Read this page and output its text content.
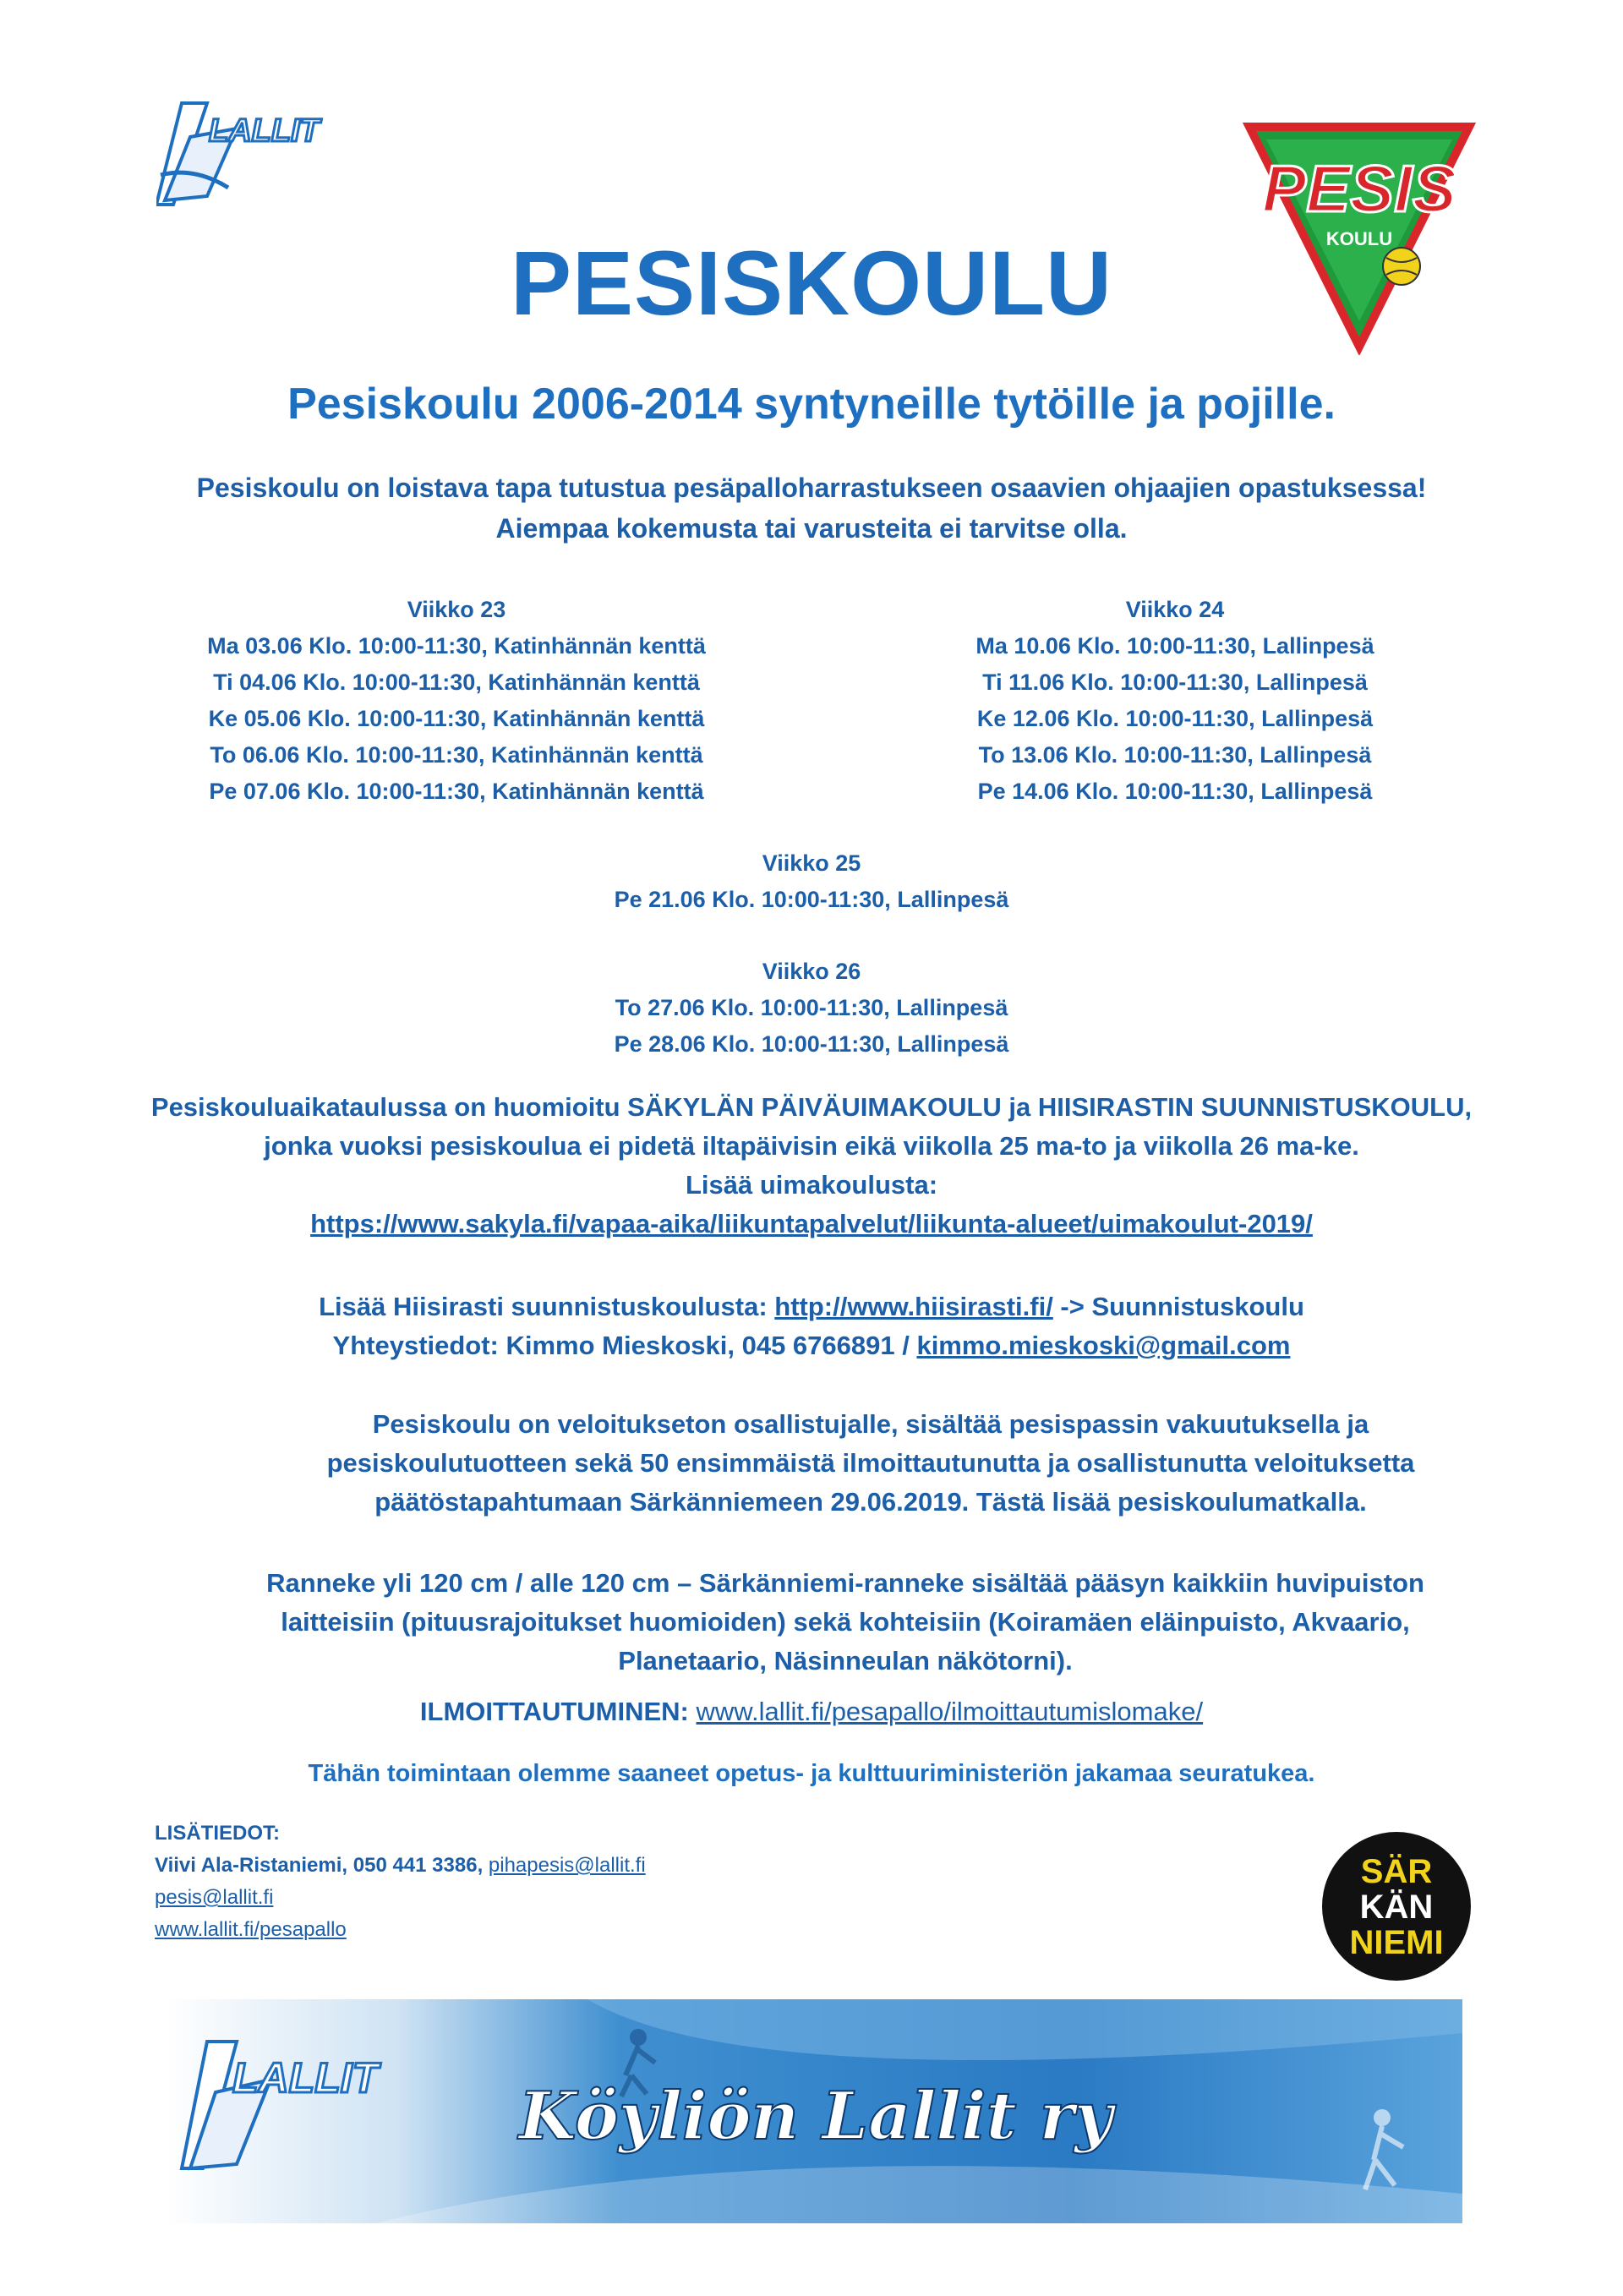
LALLIT
PESIS
KOULU
PESISKOULU
Pesiskoulu 2006-2014 syntyneille tytöille ja pojille.
Pesiskoulu on loistava tapa tutustua pesäpalloharrastukseen osaavien ohjaajien opastuksessa!
Aiempaa kokemusta tai varusteita ei tarvitse olla.
Viikko 23
Ma 03.06 Klo. 10:00-11:30, Katinhännän kenttä
Ti 04.06 Klo. 10:00-11:30, Katinhännän kenttä
Ke 05.06 Klo. 10:00-11:30, Katinhännän kenttä
To 06.06 Klo. 10:00-11:30, Katinhännän kenttä
Pe 07.06 Klo. 10:00-11:30, Katinhännän kenttä
Viikko 24
Ma 10.06 Klo. 10:00-11:30, Lallinpesä
Ti 11.06 Klo. 10:00-11:30, Lallinpesä
Ke 12.06 Klo. 10:00-11:30, Lallinpesä
To 13.06 Klo. 10:00-11:30, Lallinpesä
Pe 14.06 Klo. 10:00-11:30, Lallinpesä
Viikko 25
Pe 21.06 Klo. 10:00-11:30, Lallinpesä
Viikko 26
To 27.06 Klo. 10:00-11:30, Lallinpesä
Pe 28.06 Klo. 10:00-11:30, Lallinpesä
Pesiskouluaikataulussa on huomioitu SÄKYLÄN PÄIVÄUIMAKOULU ja HIISIRASTIN SUUNNISTUSKOULU,
jonka vuoksi pesiskoulua ei pidetä iltapäivisin eikä viikolla 25 ma-to ja viikolla 26 ma-ke.
Lisää uimakoulusta:
https://www.sakyla.fi/vapaa-aika/liikuntapalvelut/liikunta-alueet/uimakoulut-2019/
Lisää Hiisirasti suunnistuskoulusta: http://www.hiisirasti.fi/ -> Suunnistuskoulu
Yhteystiedot: Kimmo Mieskoski, 045 6766891 / kimmo.mieskoski@gmail.com
Pesiskoulu on veloitukseton osallistujalle, sisältää pesispassin vakuutuksella ja
pesiskoulutuotteen sekä 50 ensimmäistä ilmoittautunutta ja osallistunutta veloituksetta
päätöstapahtumaan Särkänniemeen 29.06.2019. Tästä lisää pesiskoulumatkalla.
Ranneke yli 120 cm / alle 120 cm – Särkänniemi-ranneke sisältää pääsyn kaikkiin huvipuiston
laitteisiin (pituusrajoitukset huomioiden) sekä kohteisiin (Koiramäen eläinpuisto, Akvaario,
Planetaario, Näsinneulan näkötorni).
ILMOITTAUTUMINEN: www.lallit.fi/pesapallo/ilmoittautumislomake/
Tähän toimintaan olemme saaneet opetus- ja kulttuuriministeriön jakamaa seuratukea.
LISÄTIEDOT:
Viivi Ala-Ristaniemi, 050 441 3386, pihapesis@lallit.fi
pesis@lallit.fi
www.lallit.fi/pesapallo
SÄR
KÄN
NIEMI
LALLIT Köyliön Lallit ry
